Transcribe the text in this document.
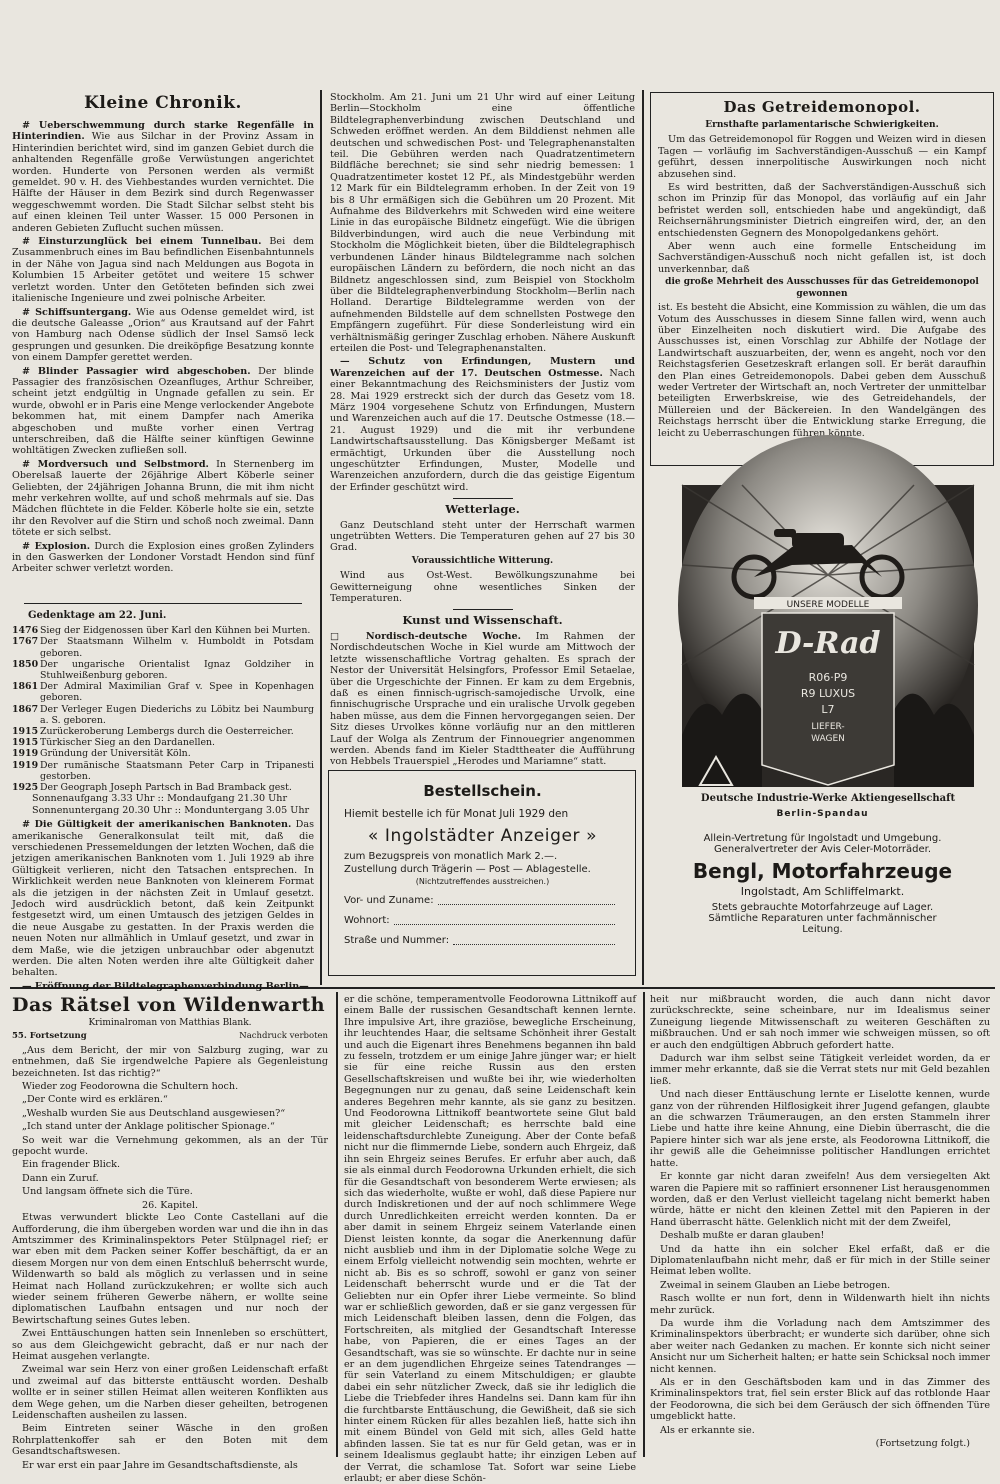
Kleine Chronik.

# Ueberschwemmung durch starke Regenfälle in Hinterindien. Wie aus Silchar in der Provinz Assam in Hinterindien berichtet wird, sind im ganzen Gebiet durch die anhaltenden Regenfälle große Verwüstungen angerichtet worden. Hunderte von Personen werden als vermißt gemeldet. 90 v. H. des Viehbestandes wurden vernichtet. Die Hälfte der Häuser in dem Bezirk sind durch Regenwasser weggeschwemmt worden. Die Stadt Silchar selbst steht bis auf einen kleinen Teil unter Wasser. 15 000 Personen in anderen Gebieten Zuflucht suchen müssen.

# Einsturzunglück bei einem Tunnelbau. Bei dem Zusammenbruch eines im Bau befindlichen Eisenbahntunnels in der Nähe von Jagua sind nach Meldungen aus Bogota in Kolumbien 15 Arbeiter getötet und weitere 15 schwer verletzt worden. Unter den Getöteten befinden sich zwei italienische Ingenieure und zwei polnische Arbeiter.

# Schiffsuntergang. Wie aus Odense gemeldet wird, ist die deutsche Galeasse „Orion“ aus Krautsand auf der Fahrt von Hamburg nach Odense südlich der Insel Samsö leck gesprungen und gesunken. Die dreiköpfige Besatzung konnte von einem Dampfer gerettet werden.

# Blinder Passagier wird abgeschoben. Der blinde Passagier des französischen Ozeanfluges, Arthur Schreiber, scheint jetzt endgültig in Ungnade gefallen zu sein. Er wurde, obwohl er in Paris eine Menge verlockender Angebote bekommen hat, mit einem Dampfer nach Amerika abgeschoben und mußte vorher einen Vertrag unterschreiben, daß die Hälfte seiner künftigen Gewinne wohltätigen Zwecken zufließen soll.

# Mordversuch und Selbstmord. In Sternenberg im Oberelsaß lauerte der 26jährige Albert Köberle seiner Geliebten, der 24jährigen Johanna Brunn, die mit ihm nicht mehr verkehren wollte, auf und schoß mehrmals auf sie. Das Mädchen flüchtete in die Felder. Köberle holte sie ein, setzte ihr den Revolver auf die Stirn und schoß noch zweimal. Dann tötete er sich selbst.

# Explosion. Durch die Explosion eines großen Zylinders in den Gaswerken der Londoner Vorstadt Hendon sind fünf Arbeiter schwer verletzt worden.

Gedenktage am 22. Juni.
1476 Sieg der Eidgenossen über Karl den Kühnen bei Murten.
1767 Der Staatsmann Wilhelm v. Humboldt in Potsdam geboren.
1850 Der ungarische Orientalist Ignaz Goldziher in Stuhlweißenburg geboren.
1861 Der Admiral Maximilian Graf v. Spee in Kopenhagen geboren.
1867 Der Verleger Eugen Diederichs zu Löbitz bei Naumburg a. S. geboren.
1915 Zurückeroberung Lembergs durch die Oesterreicher.
1915 Türkischer Sieg an den Dardanellen.
1919 Gründung der Universität Köln.
1919 Der rumänische Staatsmann Peter Carp in Tripanesti gestorben.
1925 Der Geograph Joseph Partsch in Bad Bramback gest.
Sonnenaufgang 3.33 Uhr :: Mondaufgang 21.30 Uhr
Sonnenuntergang 20.30 Uhr :: Monduntergang 3.05 Uhr

# Die Gültigkeit der amerikanischen Banknoten. Das amerikanische Generalkonsulat teilt mit, daß die verschiedenen Pressemeldungen der letzten Wochen, daß die jetzigen amerikanischen Banknoten vom 1. Juli 1929 ab ihre Gültigkeit verlieren, nicht den Tatsachen entsprechen. In Wirklichkeit werden neue Banknoten von kleinerem Format als die jetzigen in der nächsten Zeit in Umlauf gesetzt. Jedoch wird ausdrücklich betont, daß kein Zeitpunkt festgesetzt wird, um einen Umtausch des jetzigen Geldes in die neue Ausgabe zu gestatten. In der Praxis werden die neuen Noten nur allmählich in Umlauf gesetzt, und zwar in dem Maße, wie die jetzigen unbrauchbar oder abgenutzt werden. Die alten Noten werden ihre alte Gültigkeit daher behalten.

— Eröffnung der Bildtelegraphenverbindung Berlin—

Stockholm. Am 21. Juni um 21 Uhr wird auf einer Leitung Berlin—Stockholm eine öffentliche Bildtelegraphenverbindung zwischen Deutschland und Schweden eröffnet werden. An dem Bilddienst nehmen alle deutschen und schwedischen Post- und Telegraphenanstalten teil. Die Gebühren werden nach Quadratzentimetern Bildfläche berechnet; sie sind sehr niedrig bemessen: 1 Quadratzentimeter kostet 12 Pf., als Mindestgebühr werden 12 Mark für ein Bildtelegramm erhoben. In der Zeit von 19 bis 8 Uhr ermäßigen sich die Gebühren um 20 Prozent. Mit Aufnahme des Bildverkehrs mit Schweden wird eine weitere Linie in das europäische Bildnetz eingefügt. Wie die übrigen Bildverbindungen, wird auch die neue Verbindung mit Stockholm die Möglichkeit bieten, über die Bildtelegraphisch verbundenen Länder hinaus Bildtelegramme nach solchen europäischen Ländern zu befördern, die noch nicht an das Bildnetz angeschlossen sind, zum Beispiel von Stockholm über die Bildtelegraphenverbindung Stockholm—Berlin nach Holland. Derartige Bildtelegramme werden von der aufnehmenden Bildstelle auf dem schnellsten Postwege den Empfängern zugeführt. Für diese Sonderleistung wird ein verhältnismäßig geringer Zuschlag erhoben. Nähere Auskunft erteilen die Post- und Telegraphenanstalten.

— Schutz von Erfindungen, Mustern und Warenzeichen auf der 17. Deutschen Ostmesse. Nach einer Bekanntmachung des Reichsministers der Justiz vom 28. Mai 1929 erstreckt sich der durch das Gesetz vom 18. März 1904 vorgesehene Schutz von Erfindungen, Mustern und Warenzeichen auch auf die 17. Deutsche Ostmesse (18.—21. August 1929) und die mit ihr verbundene Landwirtschaftsausstellung. Das Königsberger Meßamt ist ermächtigt, Urkunden über die Ausstellung noch ungeschützter Erfindungen, Muster, Modelle und Warenzeichen anzufordern, durch die das geistige Eigentum der Erfinder geschützt wird.

Wetterlage.

Ganz Deutschland steht unter der Herrschaft warmen ungetrübten Wetters. Die Temperaturen gehen auf 27 bis 30 Grad.

Voraussichtliche Witterung.

Wind aus Ost-West. Bewölkungszunahme bei Gewitterneigung ohne wesentliches Sinken der Temperaturen.

Kunst und Wissenschaft.

□ Nordisch-deutsche Woche. Im Rahmen der Nordischdeutschen Woche in Kiel wurde am Mittwoch der letzte wissenschaftliche Vortrag gehalten. Es sprach der Nestor der Universität Helsingfors, Professor Emil Setaelae, über die Urgeschichte der Finnen. Er kam zu dem Ergebnis, daß es einen finnisch-ugrisch-samojedische Urvolk, eine finnischugrische Ursprache und ein uralische Urvolk gegeben haben müsse, aus dem die Finnen hervorgegangen seien. Der Sitz dieses Urvolkes könne vorläufig nur an den mittleren Lauf der Wolga als Zentrum der Finnouegrier angenommen werden. Abends fand im Kieler Stadttheater die Aufführung von Hebbels Trauerspiel „Herodes und Mariamne“ statt.

Bestellschein.
Hiemit bestelle ich für Monat Juli 1929 den
« Ingolstädter Anzeiger »
zum Bezugspreis von monatlich Mark 2.—.
Zustellung durch Trägerin — Post — Ablagestelle.
(Nichtzutreffendes ausstreichen.)
Vor- und Zuname:
Wohnort:
Straße und Nummer:
Das Getreidemonopol.
Ernsthafte parlamentarische Schwierigkeiten.

Um das Getreidemonopol für Roggen und Weizen wird in diesen Tagen — vorläufig im Sachverständigen-Ausschuß — ein Kampf geführt, dessen innerpolitische Auswirkungen noch nicht abzusehen sind.

Es wird bestritten, daß der Sachverständigen-Ausschuß sich schon im Prinzip für das Monopol, das vorläufig auf ein Jahr befristet werden soll, entschieden habe und angekündigt, daß Reichsernährungsminister Dietrich eingreifen wird, der, an den entschiedensten Gegnern des Monopolgedankens gehört.

Aber wenn auch eine formelle Entscheidung im Sachverständigen-Ausschuß noch nicht gefallen ist, ist doch unverkennbar, daß

die große Mehrheit des Ausschusses für das Getreidemonopol gewonnen

ist. Es besteht die Absicht, eine Kommission zu wählen, die um das Votum des Ausschusses in diesem Sinne fallen wird, wenn auch über Einzelheiten noch diskutiert wird. Die Aufgabe des Ausschusses ist, einen Vorschlag zur Abhilfe der Notlage der Landwirtschaft auszuarbeiten, der, wenn es angeht, noch vor den Reichstagsferien Gesetzeskraft erlangen soll. Er berät daraufhin den Plan eines Getreidemonopols. Dabei geben dem Ausschuß weder Vertreter der Wirtschaft an, noch Vertreter der unmittelbar beteiligten Erwerbskreise, wie des Getreidehandels, der Müllereien und der Bäckereien. In den Wandelgängen des Reichstags herrscht über die Entwicklung starke Erregung, die leicht zu Ueberraschungen führen könnte.

UNSERE MODELLE
D-Rad
R06·P9
R9 LUXUS
L7
LIEFER-
WAGEN
Deutsche Industrie-Werke Aktiengesellschaft
Berlin-Spandau
Allein-Vertretung für Ingolstadt und Umgebung.
Generalvertreter der Avis Celer-Motorräder.
Bengl, Motorfahrzeuge
Ingolstadt, Am Schliffelmarkt.
Stets gebrauchte Motorfahrzeuge auf Lager.
Sämtliche Reparaturen unter fachmännischer
Leitung.
Das Rätsel von Wildenwarth
Kriminalroman von Matthias Blank.
55. Fortsetzung	Nachdruck verboten

„Aus dem Bericht, der mir von Salzburg zuging, war zu entnehmen, daß Sie irgendwelche Papiere als Gegenleistung bezeichneten. Ist das richtig?“

Wieder zog Feodorowna die Schultern hoch.

„Der Conte wird es erklären.“

„Weshalb wurden Sie aus Deutschland ausgewiesen?“

„Ich stand unter der Anklage politischer Spionage.“

So weit war die Vernehmung gekommen, als an der Tür gepocht wurde.

Ein fragender Blick.

Dann ein Zuruf.

Und langsam öffnete sich die Türe.

26. Kapitel.

Etwas verwundert blickte Leo Conte Castellani auf die Aufforderung, die ihm übergeben worden war und die ihn in das Amtszimmer des Kriminalinspektors Peter Stülpnagel rief; er war eben mit dem Packen seiner Koffer beschäftigt, da er an diesem Morgen nur von dem einen Entschluß beherrscht wurde, Wildenwarth so bald als möglich zu verlassen und in seine Heimat nach Holland zurückzukehren; er wollte sich auch wieder seinem früheren Gewerbe nähern, er wollte seine diplomatischen Laufbahn entsagen und nur noch der Bewirtschaftung seines Gutes leben.

Zwei Enttäuschungen hatten sein Innenleben so erschüttert, so aus dem Gleichgewicht gebracht, daß er nur nach der Heimat ausgehen verlangte.

Zweimal war sein Herz von einer großen Leidenschaft erfaßt und zweimal auf das bitterste enttäuscht worden. Deshalb wollte er in seiner stillen Heimat allen weiteren Konflikten aus dem Wege gehen, um die Narben dieser geheilten, betrogenen Leidenschaften ausheilen zu lassen.

Beim Eintreten seiner Wäsche in den großen Rohrplattenkoffer sah er den Boten mit dem Gesandtschaftswesen.

Er war erst ein paar Jahre im Gesandtschaftsdienste, als

er die schöne, temperamentvolle Feodorowna Littnikoff auf einem Balle der russischen Gesandtschaft kennen lernte. Ihre impulsive Art, ihre graziöse, bewegliche Erscheinung, ihr leuchtendes Haar, die seltsame Schönheit ihrer Gestalt und auch die Eigenart ihres Benehmens begannen ihn bald zu fesseln, trotzdem er um einige Jahre jünger war; er hielt sie für eine reiche Russin aus den ersten Gesellschaftskreisen und wußte bei ihr, wie wiederholten Begegnungen nur zu genau, daß seine Leidenschaft kein anderes Begehren mehr kannte, als sie ganz zu besitzen. Und Feodorowna Littnikoff beantwortete seine Glut bald mit gleicher Leidenschaft; es herrschte bald eine leidenschaftsdurchlebte Zuneigung. Aber der Conte befaß nicht nur die flimmernde Liebe, sondern auch Ehrgeiz, daß ihn sein Ehrgeiz seines Berufes. Er erfuhr aber auch, daß sie als einmal durch Feodorowna Urkunden erhielt, die sich für die Gesandtschaft von besonderem Werte erwiesen; als sich das wiederholte, wußte er wohl, daß diese Papiere nur durch Indiskretionen und der auf noch schlimmere Wege durch Unredlichkeiten erreicht werden konnten. Da er aber damit in seinem Ehrgeiz seinem Vaterlande einen Dienst leisten konnte, da sogar die Anerkennung dafür nicht ausblieb und ihm in der Diplomatie solche Wege zu einem Erfolg vielleicht notwendig sein mochten, wehrte er nicht ab. Bis es so schroff, sowohl er ganz von seiner Leidenschaft beherrscht wurde und er die Tat der Geliebten nur ein Opfer ihrer Liebe vermeinte. So blind war er schließlich geworden, daß er sie ganz vergessen für mich Leidenschaft bleiben lassen, denn die Folgen, das Fortschreiten, als mitglied der Gesandtschaft Interesse habe, von Papieren, die er eines Tages an der Gesandtschaft, was sie so wünschte. Er dachte nur in seine er an dem jugendlichen Ehrgeize seines Tatendranges — für sein Vaterland zu einem Mitschuldigen; er glaubte dabei ein sehr nützlicher Zweck, daß sie ihr lediglich die Liebe die Triebfeder ihres Handelns sei. Dann kam für ihn die furchtbarste Enttäuschung, die Gewißheit, daß sie sich hinter einem Rücken für alles bezahlen ließ, hatte sich ihn mit einem Bündel von Geld mit sich, alles Geld hatte abfinden lassen. Sie tat es nur für Geld getan, was er in seinem Idealismus geglaubt hatte; ihr einzigen Leben auf der Verrat, die schamlose Tat. Sofort war seine Liebe erlaubt; er aber diese Schön-

heit nur mißbraucht worden, die auch dann nicht davor zurückschreckte, seine scheinbare, nur im Idealismus seiner Zuneigung liegende Mitwissenschaft zu weiteren Geschäften zu mißbrauchen. Und er sah noch immer wie schweigen müssen, so oft er auch den endgültigen Abbruch gefordert hatte.

Dadurch war ihm selbst seine Tätigkeit verleidet worden, da er immer mehr erkannte, daß sie die Verrat stets nur mit Geld bezahlen ließ.

Und nach dieser Enttäuschung lernte er Liselotte kennen, wurde ganz von der rührenden Hilflosigkeit ihrer Jugend gefangen, glaubte an die schwarzen Träumeraugen, an den ersten Stammeln ihrer Liebe und hatte ihre keine Ahnung, eine Diebin überrascht, die die Papiere hinter sich war als jene erste, als Feodorowna Littnikoff, die ihr gewiß alle die Geheimnisse politischer Handlungen errichtet hatte.

Er konnte gar nicht daran zweifeln! Aus dem versiegelten Akt waren die Papiere mit so raffiniert ersonnener List herausgenommen worden, daß er den Verlust vielleicht tagelang nicht bemerkt haben würde, hätte er nicht den kleinen Zettel mit den Papieren in der Hand überrascht hätte. Gelenklich nicht mit der dem Zweifel,

Deshalb mußte er daran glauben!

Und da hatte ihn ein solcher Ekel erfaßt, daß er die Diplomatenlaufbahn nicht mehr, daß er für mich in der Stille seiner Heimat leben wollte.

Zweimal in seinem Glauben an Liebe betrogen.

Rasch wollte er nun fort, denn in Wildenwarth hielt ihn nichts mehr zurück.

Da wurde ihm die Vorladung nach dem Amtszimmer des Kriminalinspektors überbracht; er wunderte sich darüber, ohne sich aber weiter nach Gedanken zu machen. Er konnte sich nicht seiner Ansicht nur um Sicherheit halten; er hatte sein Schicksal noch immer nicht kennen.

Als er in den Geschäftsboden kam und in das Zimmer des Kriminalinspektors trat, fiel sein erster Blick auf das rotblonde Haar der Feodorowna, die sich bei dem Geräusch der sich öffnenden Türe umgeblickt hatte.

Als er erkannte sie.

(Fortsetzung folgt.)
